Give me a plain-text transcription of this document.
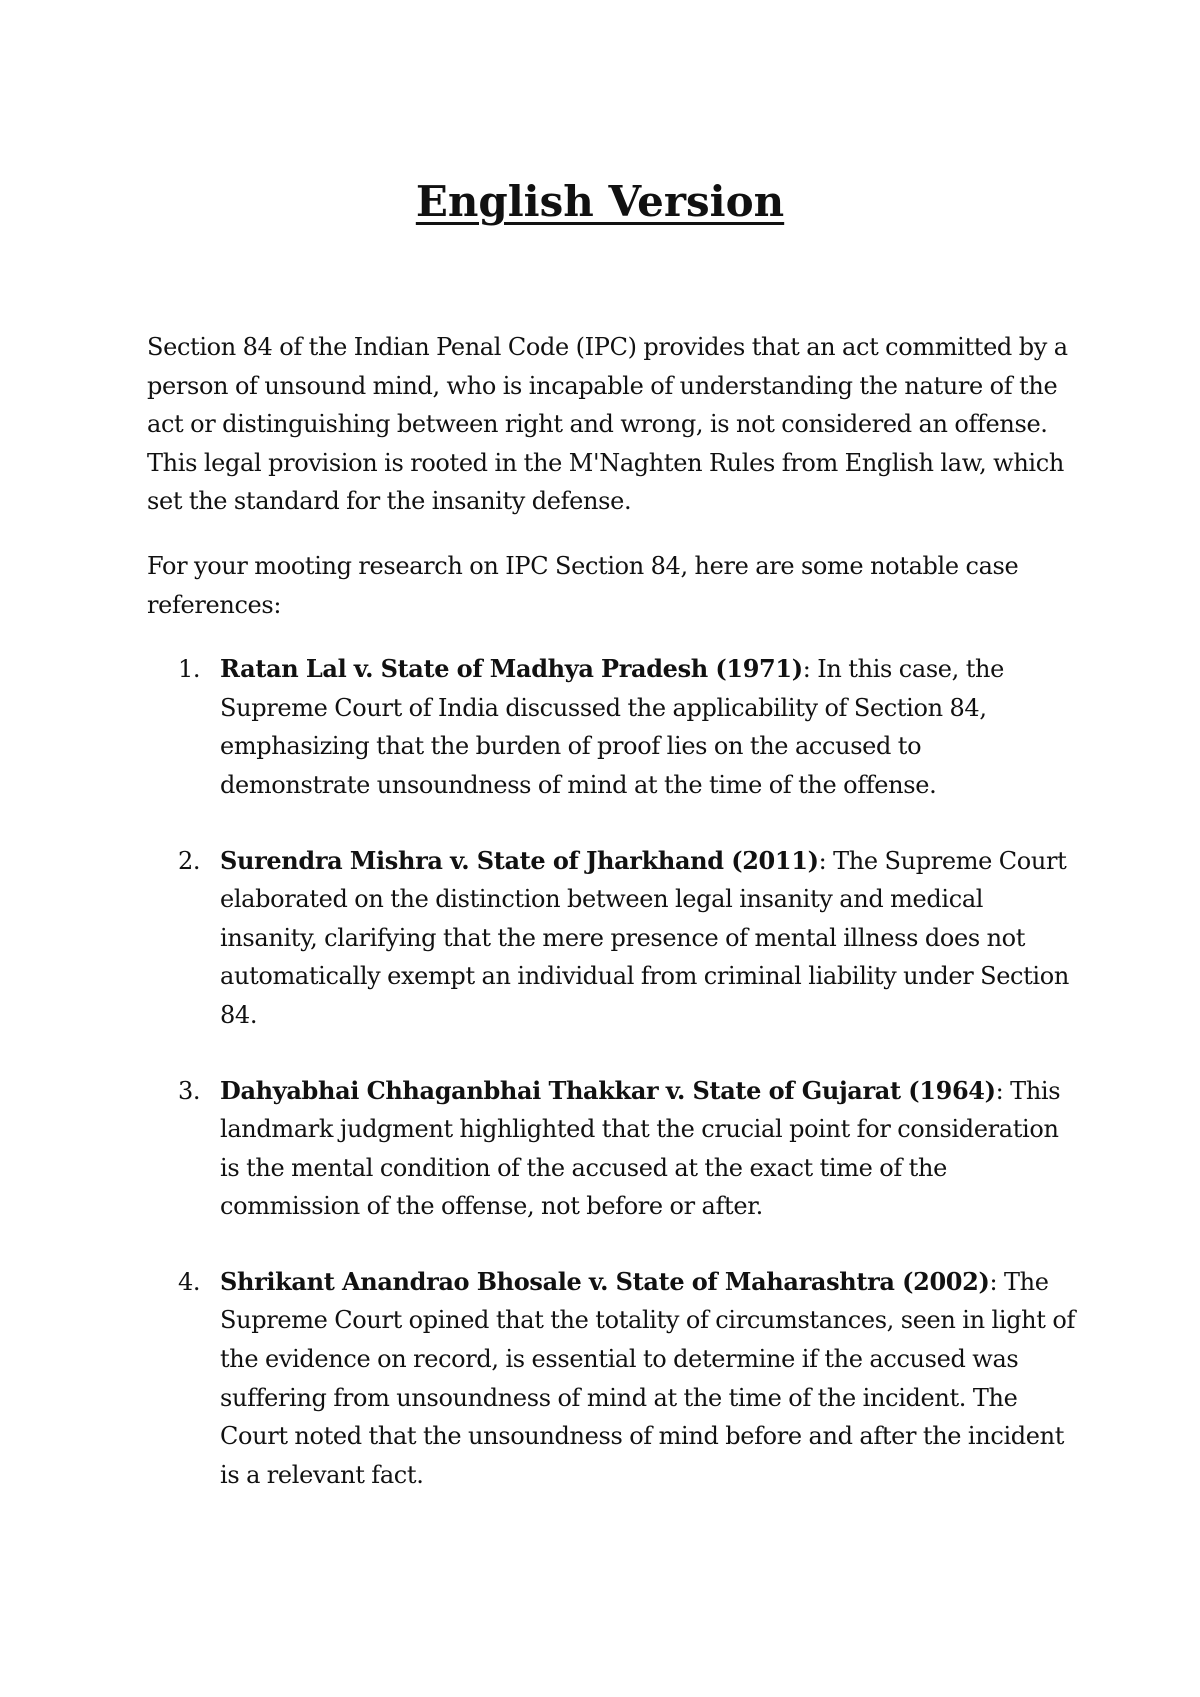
English Version

Section 84 of the Indian Penal Code (IPC) provides that an act committed by a person of unsound mind, who is incapable of understanding the nature of the act or distinguishing between right and wrong, is not considered an offense. This legal provision is rooted in the M'Naghten Rules from English law, which set the standard for the insanity defense.

For your mooting research on IPC Section 84, here are some notable case references:

1. Ratan Lal v. State of Madhya Pradesh (1971): In this case, the Supreme Court of India discussed the applicability of Section 84, emphasizing that the burden of proof lies on the accused to demonstrate unsoundness of mind at the time of the offense.
2. Surendra Mishra v. State of Jharkhand (2011): The Supreme Court elaborated on the distinction between legal insanity and medical insanity, clarifying that the mere presence of mental illness does not automatically exempt an individual from criminal liability under Section 84.
3. Dahyabhai Chhaganbhai Thakkar v. State of Gujarat (1964): This landmark judgment highlighted that the crucial point for consideration is the mental condition of the accused at the exact time of the commission of the offense, not before or after.
4. Shrikant Anandrao Bhosale v. State of Maharashtra (2002): The Supreme Court opined that the totality of circumstances, seen in light of the evidence on record, is essential to determine if the accused was suffering from unsoundness of mind at the time of the incident. The Court noted that the unsoundness of mind before and after the incident is a relevant fact.
